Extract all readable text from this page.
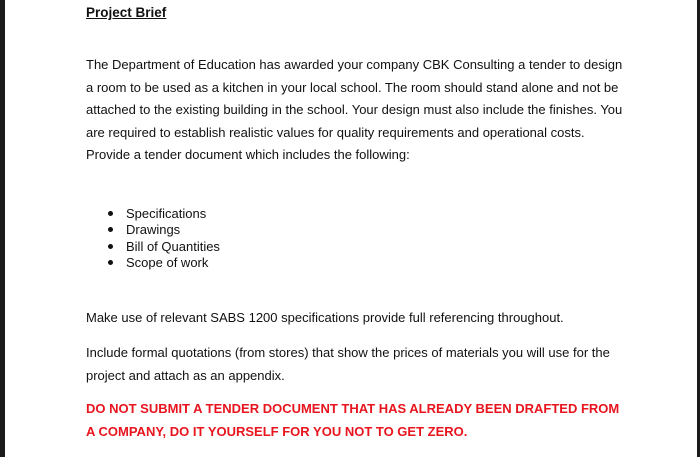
Project Brief

The Department of Education has awarded your company CBK Consulting a tender to design a room to be used as a kitchen in your local school. The room should stand alone and not be attached to the existing building in the school. Your design must also include the finishes. You are required to establish realistic values for quality requirements and operational costs. Provide a tender document which includes the following:

Specifications
Drawings
Bill of Quantities
Scope of work

Make use of relevant SABS 1200 specifications provide full referencing throughout.

Include formal quotations (from stores) that show the prices of materials you will use for the project and attach as an appendix.

DO NOT SUBMIT A TENDER DOCUMENT THAT HAS ALREADY BEEN DRAFTED FROM A COMPANY, DO IT YOURSELF FOR YOU NOT TO GET ZERO.
